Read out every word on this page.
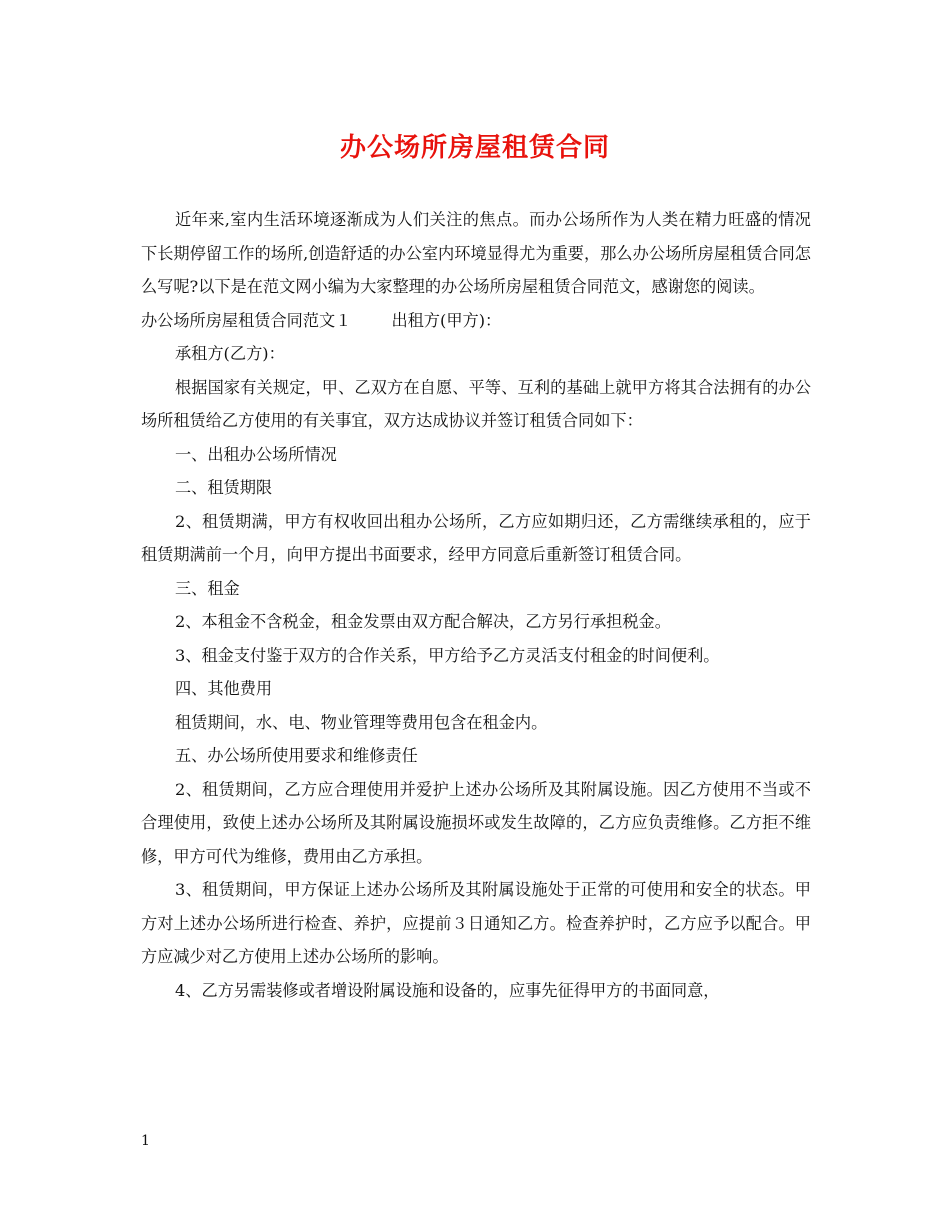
办公场所房屋租赁合同

近年来,室内生活环境逐渐成为人们关注的焦点。而办公场所作为人类在精力旺盛的情况下长期停留工作的场所,创造舒适的办公室内环境显得尤为重要，那么办公场所房屋租赁合同怎么写呢?以下是在范文网小编为大家整理的办公场所房屋租赁合同范文，感谢您的阅读。

办公场所房屋租赁合同范文１ 出租方(甲方)：

承租方(乙方)：

根据国家有关规定，甲、乙双方在自愿、平等、互利的基础上就甲方将其合法拥有的办公场所租赁给乙方使用的有关事宜，双方达成协议并签订租赁合同如下：

一、出租办公场所情况

二、租赁期限

2、租赁期满，甲方有权收回出租办公场所，乙方应如期归还，乙方需继续承租的，应于租赁期满前一个月，向甲方提出书面要求，经甲方同意后重新签订租赁合同。

三、租金

2、本租金不含税金，租金发票由双方配合解决，乙方另行承担税金。

3、租金支付鉴于双方的合作关系，甲方给予乙方灵活支付租金的时间便利。

四、其他费用

租赁期间，水、电、物业管理等费用包含在租金内。

五、办公场所使用要求和维修责任

2、租赁期间，乙方应合理使用并爱护上述办公场所及其附属设施。因乙方使用不当或不合理使用，致使上述办公场所及其附属设施损坏或发生故障的，乙方应负责维修。乙方拒不维修，甲方可代为维修，费用由乙方承担。

3、租赁期间，甲方保证上述办公场所及其附属设施处于正常的可使用和安全的状态。甲方对上述办公场所进行检查、养护，应提前３日通知乙方。检查养护时，乙方应予以配合。甲方应减少对乙方使用上述办公场所的影响。

4、乙方另需装修或者增设附属设施和设备的，应事先征得甲方的书面同意，

1
